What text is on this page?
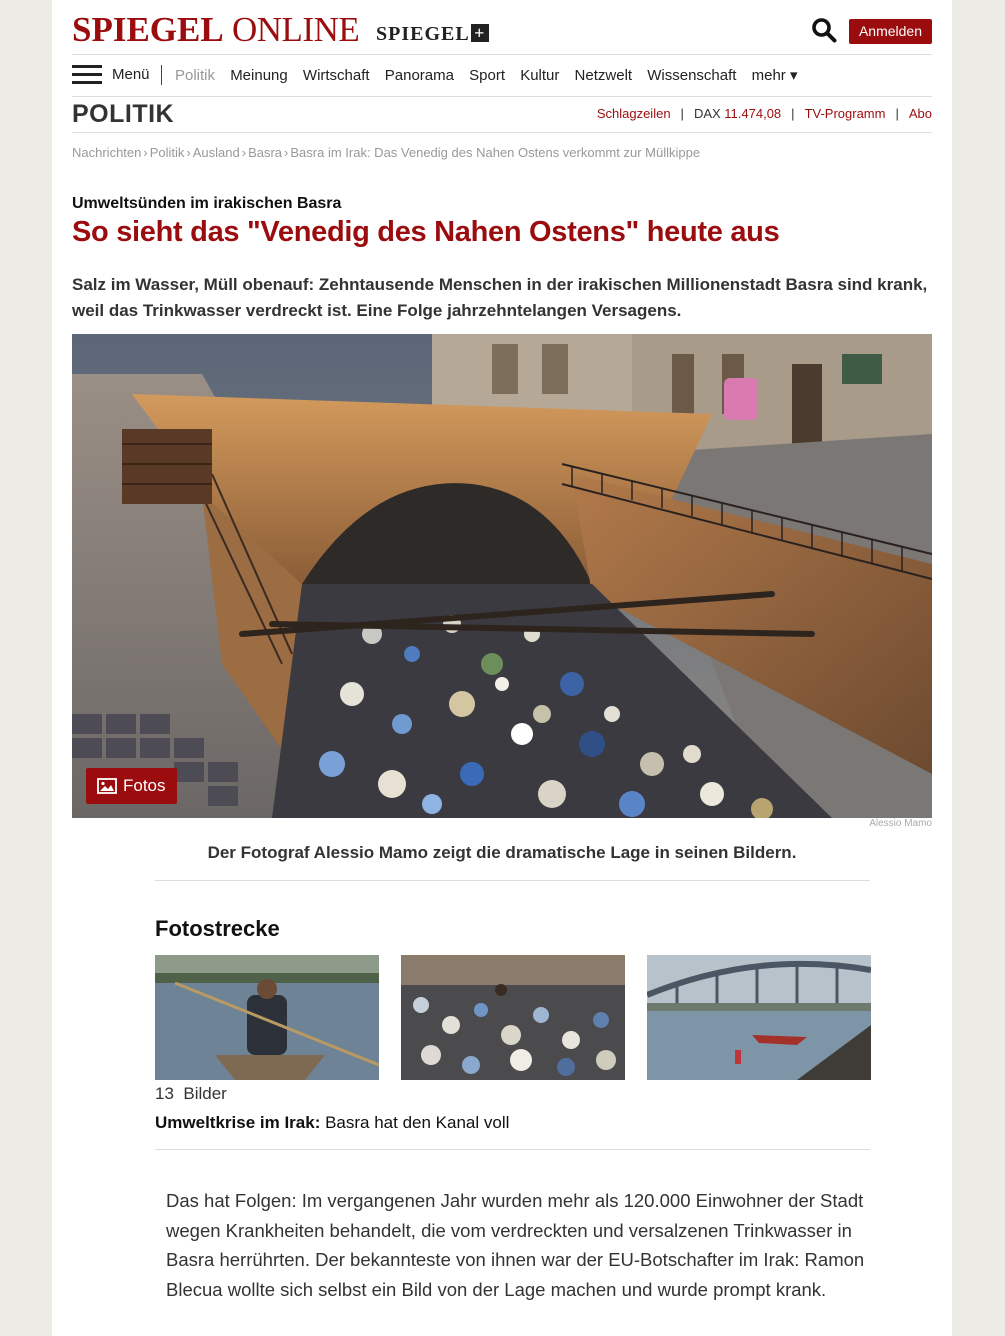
SPIEGEL ONLINE SPIEGEL +	Anmelden
Menü Politik Meinung Wirtschaft Panorama Sport Kultur Netzwelt Wissenschaft mehr ▾
POLITIK	Schlagzeilen | DAX 11.474,08 | TV-Programm | Abo
Nachrichten › Politik › Ausland › Basra › Basra im Irak: Das Venedig des Nahen Ostens verkommt zur Müllkippe
Umweltsünden im irakischen Basra
So sieht das "Venedig des Nahen Ostens" heute aus
Salz im Wasser, Müll obenauf: Zehntausende Menschen in der irakischen Millionenstadt Basra sind krank, weil das Trinkwasser verdreckt ist. Eine Folge jahrzehntelangen Versagens.
Fotos
Alessio Mamo
Der Fotograf Alessio Mamo zeigt die dramatische Lage in seinen Bildern.
Fotostrecke
13 Bilder
Umweltkrise im Irak: Basra hat den Kanal voll
Das hat Folgen: Im vergangenen Jahr wurden mehr als 120.000 Einwohner der Stadt wegen Krankheiten behandelt, die vom verdreckten und versalzenen Trinkwasser in Basra herrührten. Der bekannteste von ihnen war der EU-Botschafter im Irak: Ramon Blecua wollte sich selbst ein Bild von der Lage machen und wurde prompt krank.
